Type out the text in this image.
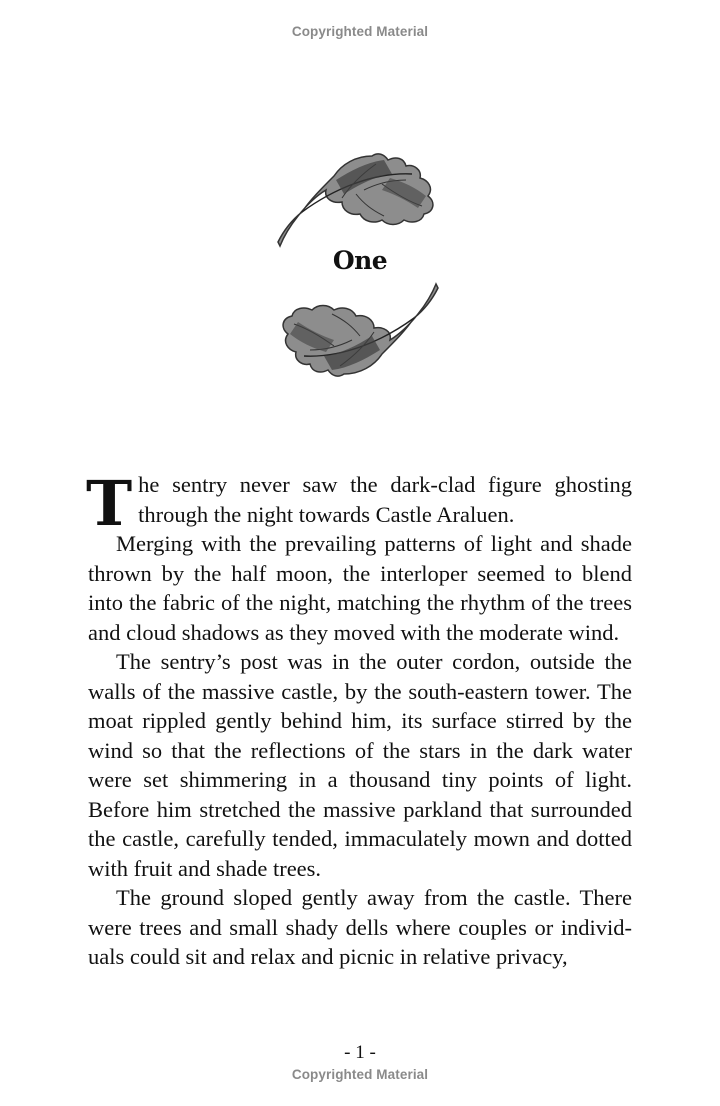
Copyrighted Material
One

The sentry never saw the dark-clad figure ghosting through the night towards Castle Araluen.

Merging with the prevailing patterns of light and shade thrown by the half moon, the interloper seemed to blend into the fabric of the night, matching the rhythm of the trees and cloud shadows as they moved with the moderate wind.

The sentry’s post was in the outer cordon, outside the walls of the massive castle, by the south-eastern tower. The moat rippled gently behind him, its surface stirred by the wind so that the reflections of the stars in the dark water were set shimmering in a thousand tiny points of light. Before him stretched the massive parkland that surrounded the castle, carefully tended, immaculately mown and dotted with fruit and shade trees.

The ground sloped gently away from the castle. There were trees and small shady dells where couples or individ-uals could sit and relax and picnic in relative privacy,

- 1 -
Copyrighted Material
